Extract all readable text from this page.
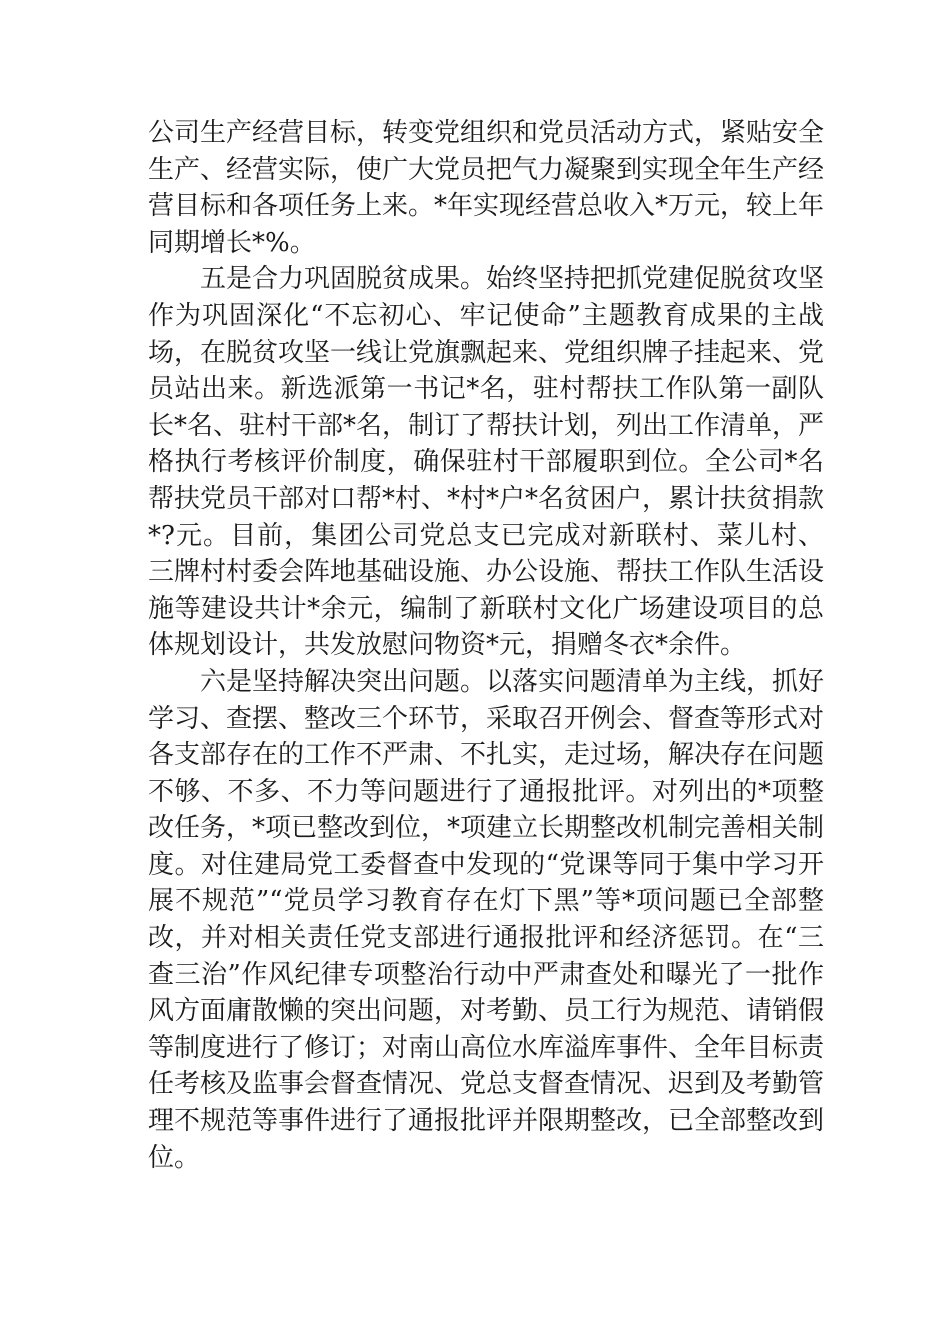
公司生产经营目标，转变党组织和党员活动方式，紧贴安全生产、经营实际，使广大党员把气力凝聚到实现全年生产经营目标和各项任务上来。*年实现经营总收入*万元，较上年同期增长*%。

五是合力巩固脱贫成果。始终坚持把抓党建促脱贫攻坚作为巩固深化“不忘初心、牢记使命”主题教育成果的主战场，在脱贫攻坚一线让党旗飘起来、党组织牌子挂起来、党员站出来。新选派第一书记*名，驻村帮扶工作队第一副队长*名、驻村干部*名，制订了帮扶计划，列出工作清单，严格执行考核评价制度，确保驻村干部履职到位。全公司*名帮扶党员干部对口帮*村、*村*户*名贫困户，累计扶贫捐款*?元。目前，集团公司党总支已完成对新联村、菜儿村、三牌村村委会阵地基础设施、办公设施、帮扶工作队生活设施等建设共计*余元，编制了新联村文化广场建设项目的总体规划设计，共发放慰问物资*元，捐赠冬衣*余件。

六是坚持解决突出问题。以落实问题清单为主线，抓好学习、查摆、整改三个环节，采取召开例会、督查等形式对各支部存在的工作不严肃、不扎实，走过场，解决存在问题不够、不多、不力等问题进行了通报批评。对列出的*项整改任务，*项已整改到位，*项建立长期整改机制完善相关制度。对住建局党工委督查中发现的“党课等同于集中学习开展不规范”“党员学习教育存在灯下黑”等*项问题已全部整改，并对相关责任党支部进行通报批评和经济惩罚。在“三查三治”作风纪律专项整治行动中严肃查处和曝光了一批作风方面庸散懒的突出问题，对考勤、员工行为规范、请销假等制度进行了修订；对南山高位水库溢库事件、全年目标责任考核及监事会督查情况、党总支督查情况、迟到及考勤管理不规范等事件进行了通报批评并限期整改，已全部整改到位。
